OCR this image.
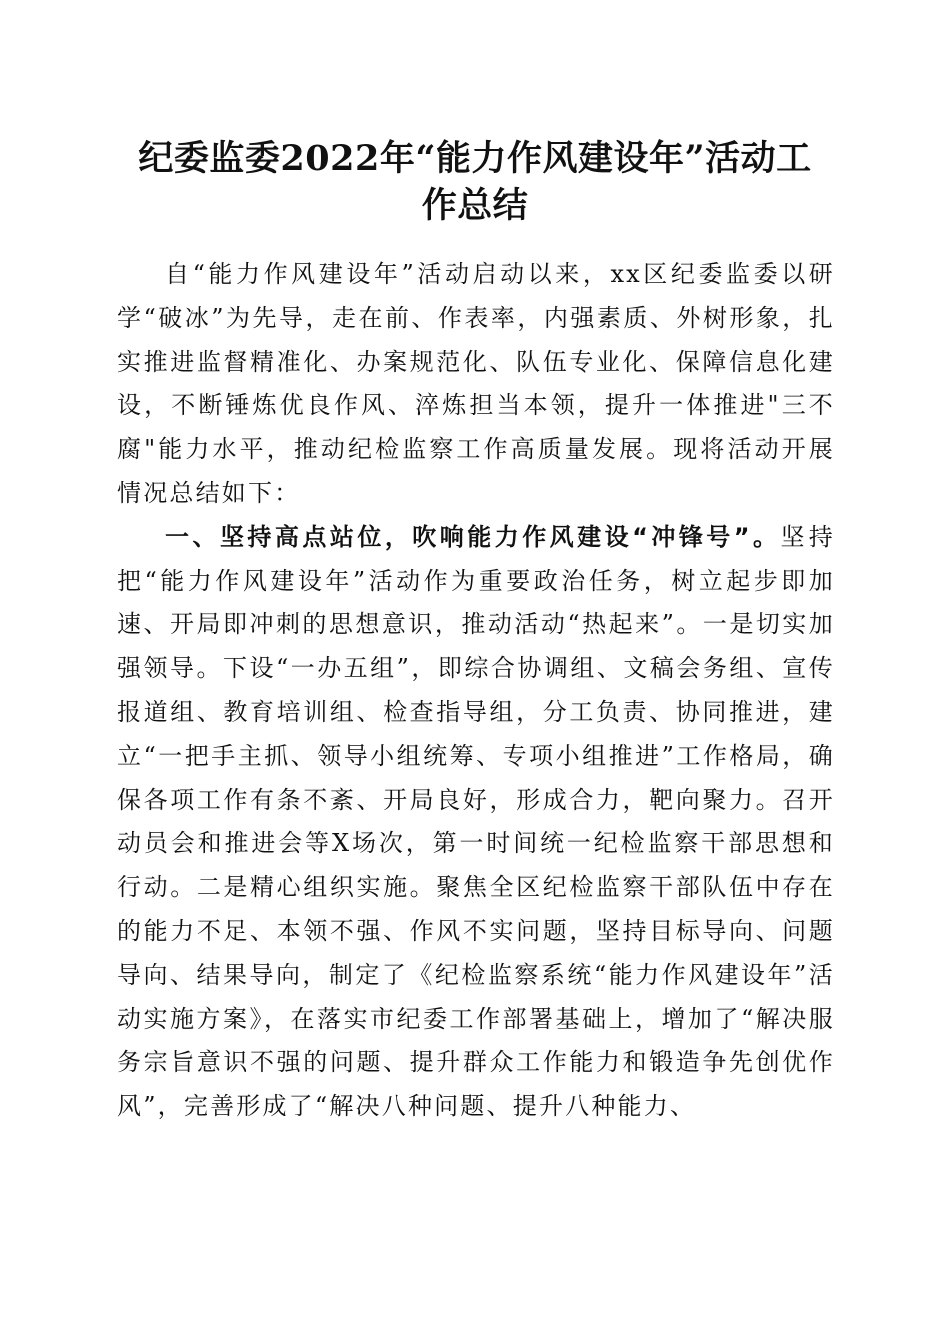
纪委监委2022年“能力作风建设年”活动工
作总结

自“能力作风建设年”活动启动以来，xx区纪委监委以研学“破冰”为先导，走在前、作表率，内强素质、外树形象，扎实推进监督精准化、办案规范化、队伍专业化、保障信息化建设，不断锤炼优良作风、淬炼担当本领，提升一体推进"三不腐"能力水平，推动纪检监察工作高质量发展。现将活动开展情况总结如下：

一、坚持高点站位，吹响能力作风建设“冲锋号”。坚持把“能力作风建设年”活动作为重要政治任务，树立起步即加速、开局即冲刺的思想意识，推动活动“热起来”。一是切实加强领导。下设“一办五组”，即综合协调组、文稿会务组、宣传报道组、教育培训组、检查指导组，分工负责、协同推进，建立“一把手主抓、领导小组统筹、专项小组推进”工作格局，确保各项工作有条不紊、开局良好，形成合力，靶向聚力。召开动员会和推进会等X场次，第一时间统一纪检监察干部思想和行动。二是精心组织实施。聚焦全区纪检监察干部队伍中存在的能力不足、本领不强、作风不实问题，坚持目标导向、问题导向、结果导向，制定了《纪检监察系统“能力作风建设年”活动实施方案》，在落实市纪委工作部署基础上，增加了“解决服务宗旨意识不强的问题、提升群众工作能力和锻造争先创优作风”，完善形成了“解决八种问题、提升八种能力、
